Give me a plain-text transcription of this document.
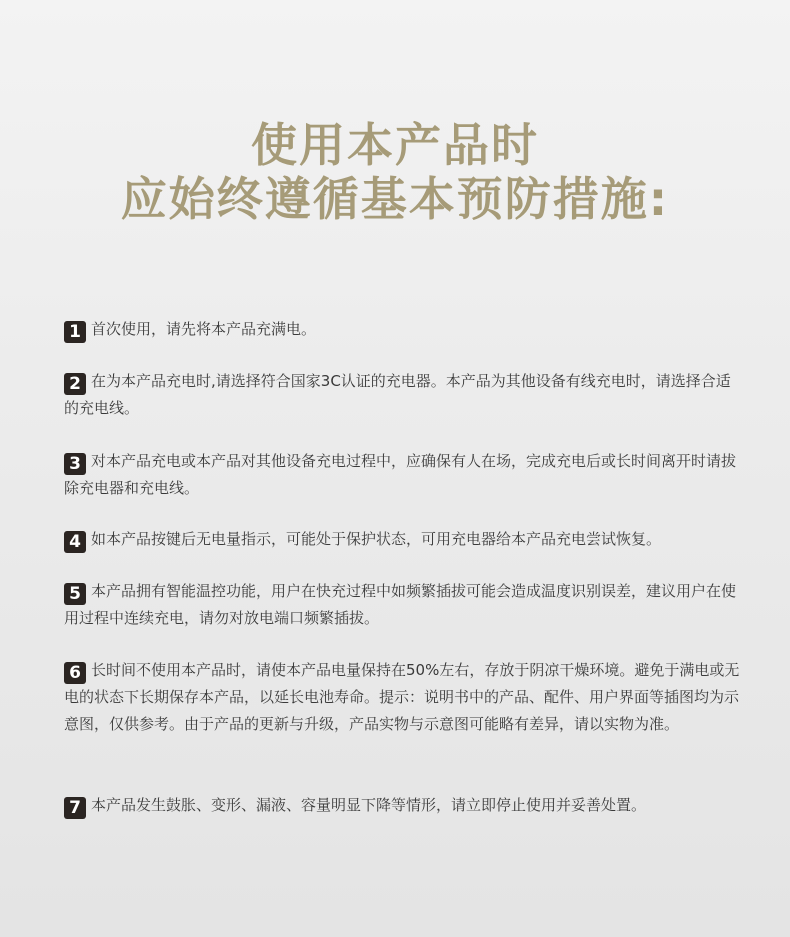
使用本产品时
应始终遵循基本预防措施:
1 首次使用，请先将本产品充满电。
2 在为本产品充电时,请选择符合国家3C认证的充电器。本产品为其他设备有线充电时，请选择合适的充电线。
3 对本产品充电或本产品对其他设备充电过程中，应确保有人在场，完成充电后或长时间离开时请拔除充电器和充电线。
4 如本产品按键后无电量指示，可能处于保护状态，可用充电器给本产品充电尝试恢复。
5 本产品拥有智能温控功能，用户在快充过程中如频繁插拔可能会造成温度识别误差，建议用户在使用过程中连续充电，请勿对放电端口频繁插拔。
6 长时间不使用本产品时，请使本产品电量保持在50%左右，存放于阴凉干燥环境。避免于满电或无电的状态下长期保存本产品，以延长电池寿命。提示：说明书中的产品、配件、用户界面等插图均为示意图，仅供参考。由于产品的更新与升级，产品实物与示意图可能略有差异，请以实物为准。
7 本产品发生鼓胀、变形、漏液、容量明显下降等情形，请立即停止使用并妥善处置。
